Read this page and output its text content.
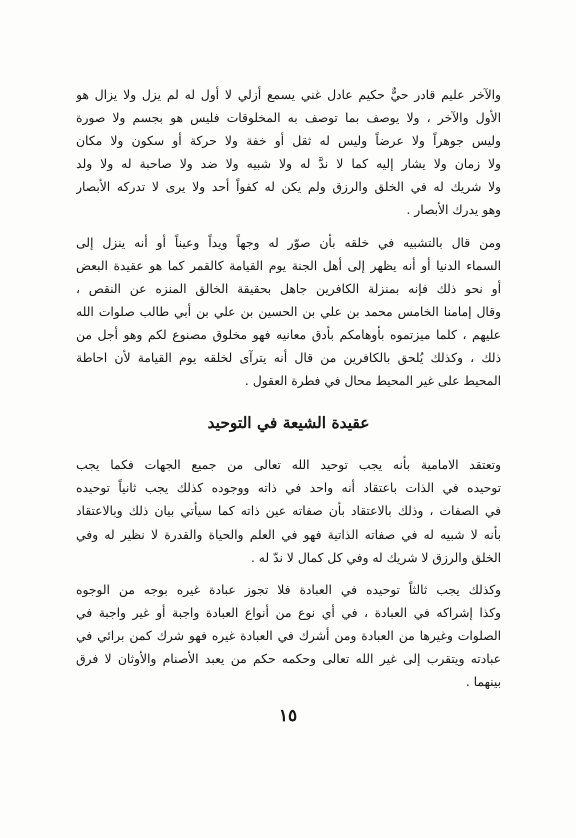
والآخر عليم قادر حيٌّ حكيم عادل غني يسمع أزلي لا أول له لم يزل ولا يزال هو

الأول والآخر ، ولا يوصف بما توصف به المخلوقات فليس هو بجسم ولا صورة

وليس جوهراً ولا عرضاً وليس له ثقل أو خفة ولا حركة أو سكون ولا مكان

ولا زمان ولا يشار إليه كما لا ندَّ له ولا شبيه ولا ضد ولا صاحبة له ولا ولد

ولا شريك له في الخلق والرزق ولم يكن له كفواً أحد ولا يرى لا تدركه الأبصار

وهو يدرك الأبصار .

ومن قال بالتشبيه في خلقه بأن صوّر له وجهاً ويداً وعيناً أو أنه ينزل إلى

السماء الدنيا أو أنه يظهر إلى أهل الجنة يوم القيامة كالقمر كما هو عقيدة البعض

أو نحو ذلك فإنه بمنزلة الكافرين جاهل بحقيقة الخالق المنزه عن النقص ،

وقال إمامنا الخامس محمد بن علي بن الحسين بن علي بن أبي طالب صلوات الله

عليهم ، كلما ميزتموه بأوهامكم بأدق معانيه فهو مخلوق مصنوع لكم وهو أجل من

ذلك ، وكذلك يُلحق بالكافرين من قال أنه يترآى لخلقه يوم القيامة لأن احاطة

المحيط على غير المحيط محال في فطرة العقول .

عقيدة الشيعة في التوحيد

وتعتقد الامامية بأنه يجب توحيد الله تعالى من جميع الجهات فكما يجب

توحيده في الذات باعتقاد أنه واحد في ذاته ووجوده كذلك يجب ثانياً توحيده

في الصفات ، وذلك بالاعتقاد بأن صفاته عين ذاته كما سيأتي بيان ذلك وبالاعتقاد

بأنه لا شبيه له في صفاته الذاتية فهو في العلم والحياة والقدرة لا نظير له وفي

الخلق والرزق لا شريك له وفي كل كمال لا ندّ له .

وكذلك يجب ثالثاً توحيده في العبادة فلا تجوز عبادة غيره بوجه من الوجوه

وكذا إشراكه في العبادة ، في أي نوع من أنواع العبادة واجبة أو غير واجبة في

الصلوات وغيرها من العبادة ومن أشرك في العبادة غيره فهو شرك كمن برائي في

عبادته ويتقرب إلى غير الله تعالى وحكمه حكم من يعبد الأصنام والأوثان لا فرق

بينهما .

١٥
